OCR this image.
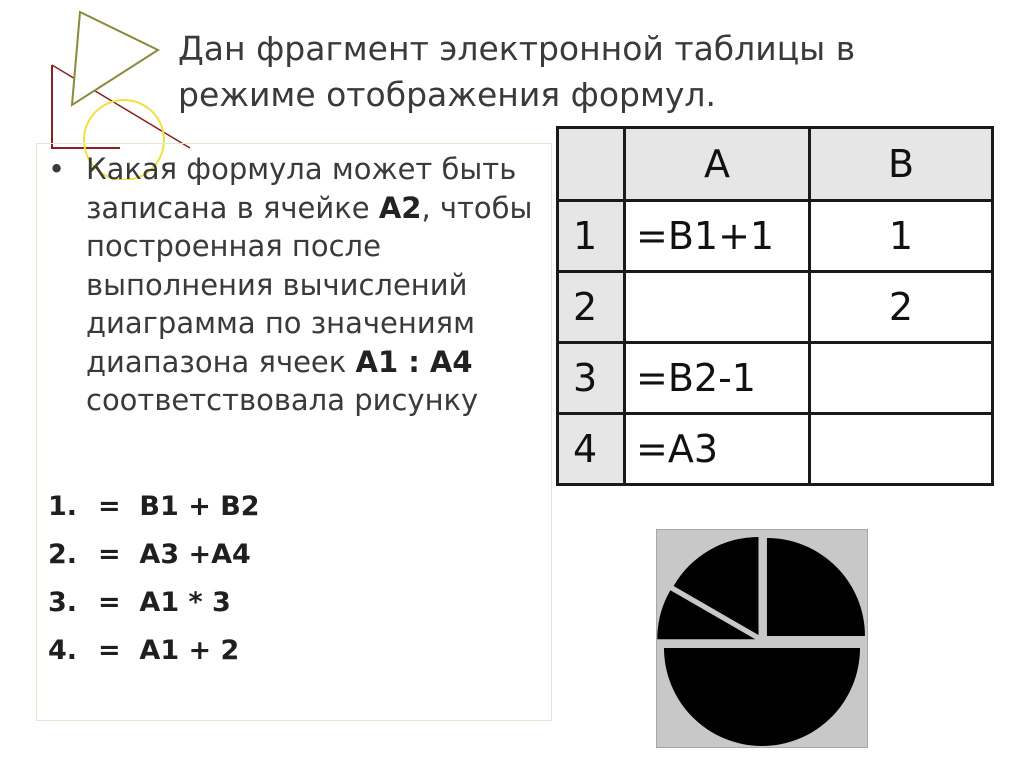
Дан фрагмент электронной таблицы в режиме отображения формул.
• Какая формула может быть записана в ячейке А2, чтобы построенная после выполнения вычислений диаграмма по значениям диапазона ячеек А1 : А4 соответствовала рисунку
1. =  В1 + В2
2. =  А3 +А4
3. =  А1 * 3
4. =  А1 + 2
	A	B
1	=B1+1	1
2		2
3	=B2-1	
4	=A3	
